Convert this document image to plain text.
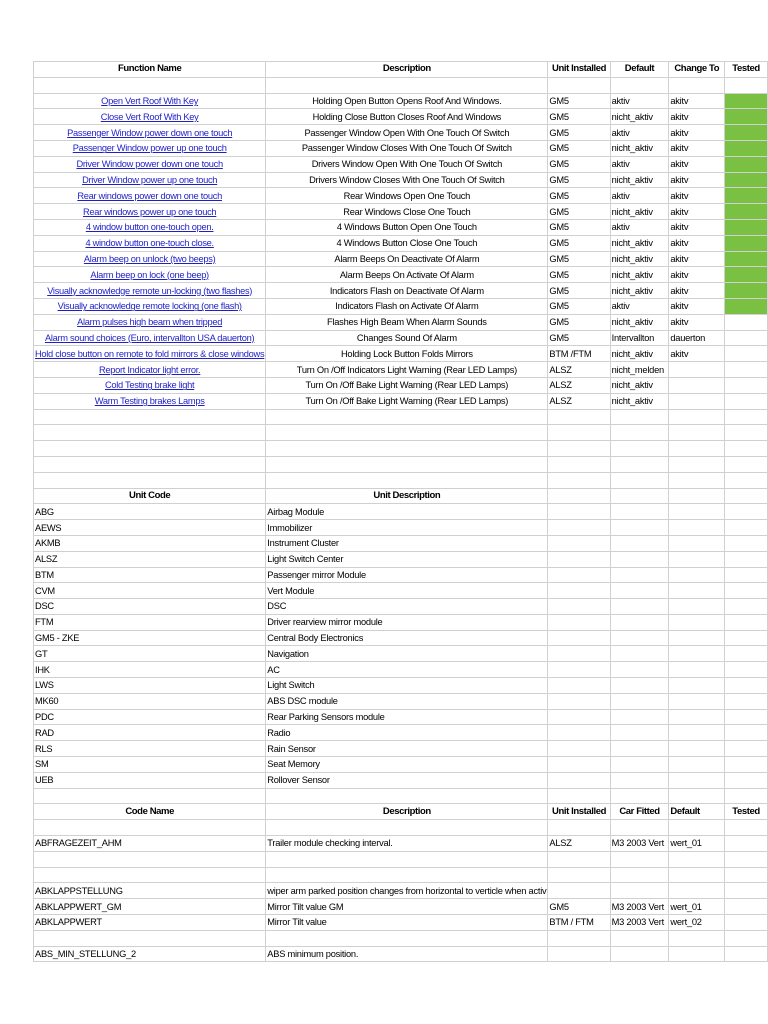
Function Name	Description	Unit Installed	Default	Change To	Tested

Open Vert Roof With Key	Holding Open Button Opens Roof And Windows.	GM5	aktiv	akitv	
Close Vert Roof With Key	Holding Close Button Closes Roof And Windows	GM5	nicht_aktiv	akitv	
Passenger Window power down one touch	Passenger Window Open With One Touch Of Switch	GM5	aktiv	akitv	
Passenger Window power up one touch	Passenger Window Closes With One Touch Of Switch	GM5	nicht_aktiv	akitv	
Driver Window power down one touch	Drivers Window Open With One Touch Of Switch	GM5	aktiv	akitv	
Driver Window power up one touch	Drivers Window Closes With One Touch Of Switch	GM5	nicht_aktiv	akitv	
Rear windows power down one touch	Rear Windows Open One Touch	GM5	aktiv	akitv	
Rear windows power up one touch	Rear Windows Close One Touch	GM5	nicht_aktiv	akitv	
4 window button one-touch open.	4 Windows Button Open One Touch	GM5	aktiv	akitv	
4 window button one-touch close.	4 Windows Button Close One Touch	GM5	nicht_aktiv	akitv	
Alarm beep on unlock (two beeps)	Alarm Beeps On Deactivate Of Alarm	GM5	nicht_aktiv	akitv	
Alarm beep on lock (one beep)	Alarm Beeps On Activate Of Alarm	GM5	nicht_aktiv	akitv	
Visually acknowledge remote un-locking (two flashes)	Indicators Flash on Deactivate Of Alarm	GM5	nicht_aktiv	akitv	
Visually acknowledge remote locking (one flash)	Indicators Flash on Activate Of Alarm	GM5	aktiv	akitv	
Alarm pulses high beam when tripped	Flashes High Beam When Alarm Sounds	GM5	nicht_aktiv	akitv	
Alarm sound choices (Euro, intervallton USA dauerton)	Changes Sound Of Alarm	GM5	Intervallton	dauerton	
Hold close button on remote to fold mirrors & close windows	Holding Lock Button Folds Mirrors	BTM /FTM	nicht_aktiv	akitv	
Report Indicator light error.	Turn On /Off Indicators Light Warning (Rear LED Lamps)	ALSZ	nicht_melden		
Cold Testing brake light	Turn On /Off Bake Light Warning (Rear LED Lamps)	ALSZ	nicht_aktiv		
Warm Testing brakes Lamps	Turn On /Off Bake Light Warning (Rear LED Lamps)	ALSZ	nicht_aktiv		

Unit Code	Unit Description				
ABG	Airbag Module				
AEWS	Immobilizer				
AKMB	Instrument Cluster				
ALSZ	Light Switch Center				
BTM	Passenger mirror Module				
CVM	Vert Module				
DSC	DSC				
FTM	Driver rearview mirror module				
GM5 - ZKE	Central Body Electronics				
GT	Navigation				
IHK	AC				
LWS	Light Switch				
MK60	ABS DSC module				
PDC	Rear Parking Sensors module				
RAD	Radio				
RLS	Rain Sensor				
SM	Seat Memory				
UEB	Rollover Sensor				

Code Name	Description	Unit Installed	Car Fitted	Default	Tested

ABFRAGEZEIT_AHM	Trailer module checking interval.	ALSZ	M3 2003 Vert	wert_01	

ABKLAPPSTELLUNG	wiper arm parked position changes from horizontal to verticle when activ				
ABKLAPPWERT_GM	Mirror Tilt value GM	GM5	M3 2003 Vert	wert_01	
ABKLAPPWERT	Mirror Tilt value	BTM / FTM	M3 2003 Vert	wert_02	

ABS_MIN_STELLUNG_2	ABS minimum position.				
